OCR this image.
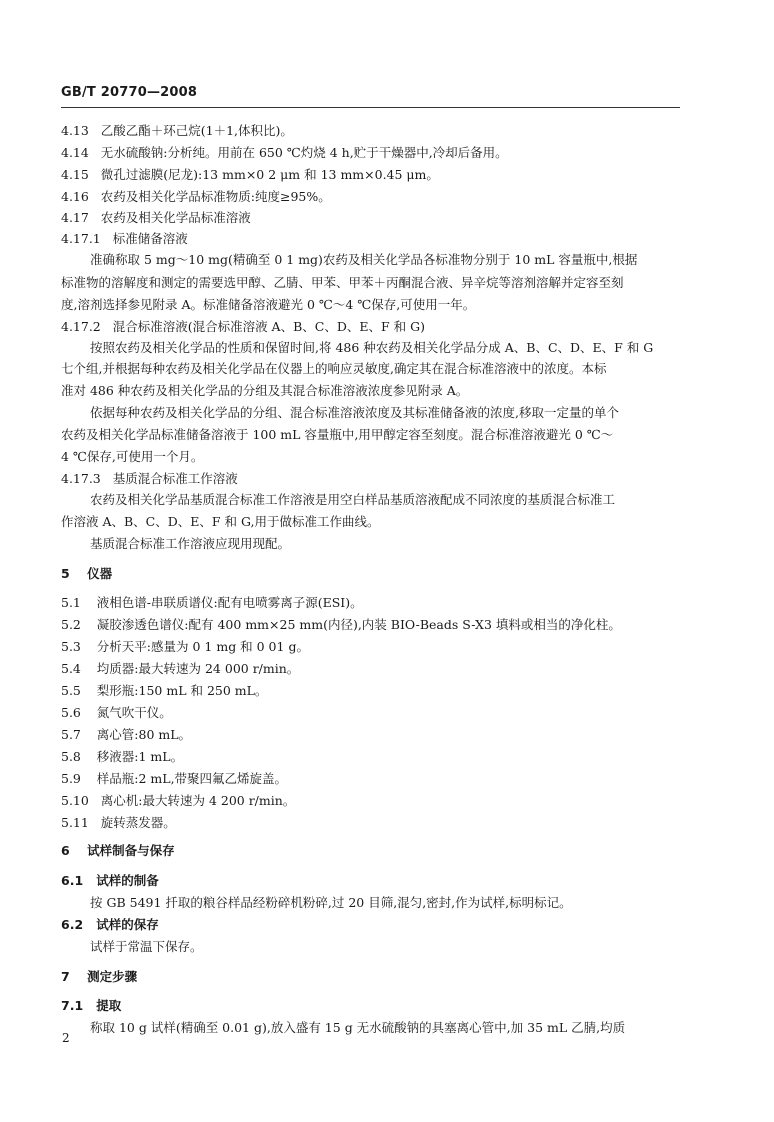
GB/T 20770—2008
4.13 乙酸乙酯＋环己烷(1＋1,体积比)。
4.14 无水硫酸钠:分析纯。用前在 650 ℃灼烧 4 h,贮于干燥器中,冷却后备用。
4.15 微孔过滤膜(尼龙):13 mm×0 2 μm 和 13 mm×0.45 μm。
4.16 农药及相关化学品标准物质:纯度≥95%。
4.17 农药及相关化学品标准溶液
4.17.1 标准储备溶液
准确称取 5 mg～10 mg(精确至 0 1 mg)农药及相关化学品各标准物分别于 10 mL 容量瓶中,根据
标准物的溶解度和测定的需要选甲醇、乙腈、甲苯、甲苯＋丙酮混合液、异辛烷等溶剂溶解并定容至刻
度,溶剂选择参见附录 A。标准储备溶液避光 0 ℃～4 ℃保存,可使用一年。
4.17.2 混合标准溶液(混合标准溶液 A、B、C、D、E、F 和 G)
按照农药及相关化学品的性质和保留时间,将 486 种农药及相关化学品分成 A、B、C、D、E、F 和 G
七个组,并根据每种农药及相关化学品在仪器上的响应灵敏度,确定其在混合标准溶液中的浓度。本标
准对 486 种农药及相关化学品的分组及其混合标准溶液浓度参见附录 A。
依据每种农药及相关化学品的分组、混合标准溶液浓度及其标准储备液的浓度,移取一定量的单个
农药及相关化学品标准储备溶液于 100 mL 容量瓶中,用甲醇定容至刻度。混合标准溶液避光 0 ℃～
4 ℃保存,可使用一个月。
4.17.3 基质混合标准工作溶液
农药及相关化学品基质混合标准工作溶液是用空白样品基质溶液配成不同浓度的基质混合标准工
作溶液 A、B、C、D、E、F 和 G,用于做标准工作曲线。
基质混合标准工作溶液应现用现配。
5 仪器
5.1 液相色谱-串联质谱仪:配有电喷雾离子源(ESI)。
5.2 凝胶渗透色谱仪:配有 400 mm×25 mm(内径),内装 BIO-Beads S-X3 填料或相当的净化柱。
5.3 分析天平:感量为 0 1 mg 和 0 01 g。
5.4 均质器:最大转速为 24 000 r/min。
5.5 梨形瓶:150 mL 和 250 mL。
5.6 氮气吹干仪。
5.7 离心管:80 mL。
5.8 移液器:1 mL。
5.9 样品瓶:2 mL,带聚四氟乙烯旋盖。
5.10 离心机:最大转速为 4 200 r/min。
5.11 旋转蒸发器。
6 试样制备与保存
6.1 试样的制备
按 GB 5491 扦取的粮谷样品经粉碎机粉碎,过 20 目筛,混匀,密封,作为试样,标明标记。
6.2 试样的保存
试样于常温下保存。
7 测定步骤
7.1 提取
称取 10 g 试样(精确至 0.01 g),放入盛有 15 g 无水硫酸钠的具塞离心管中,加 35 mL 乙腈,均质
2
